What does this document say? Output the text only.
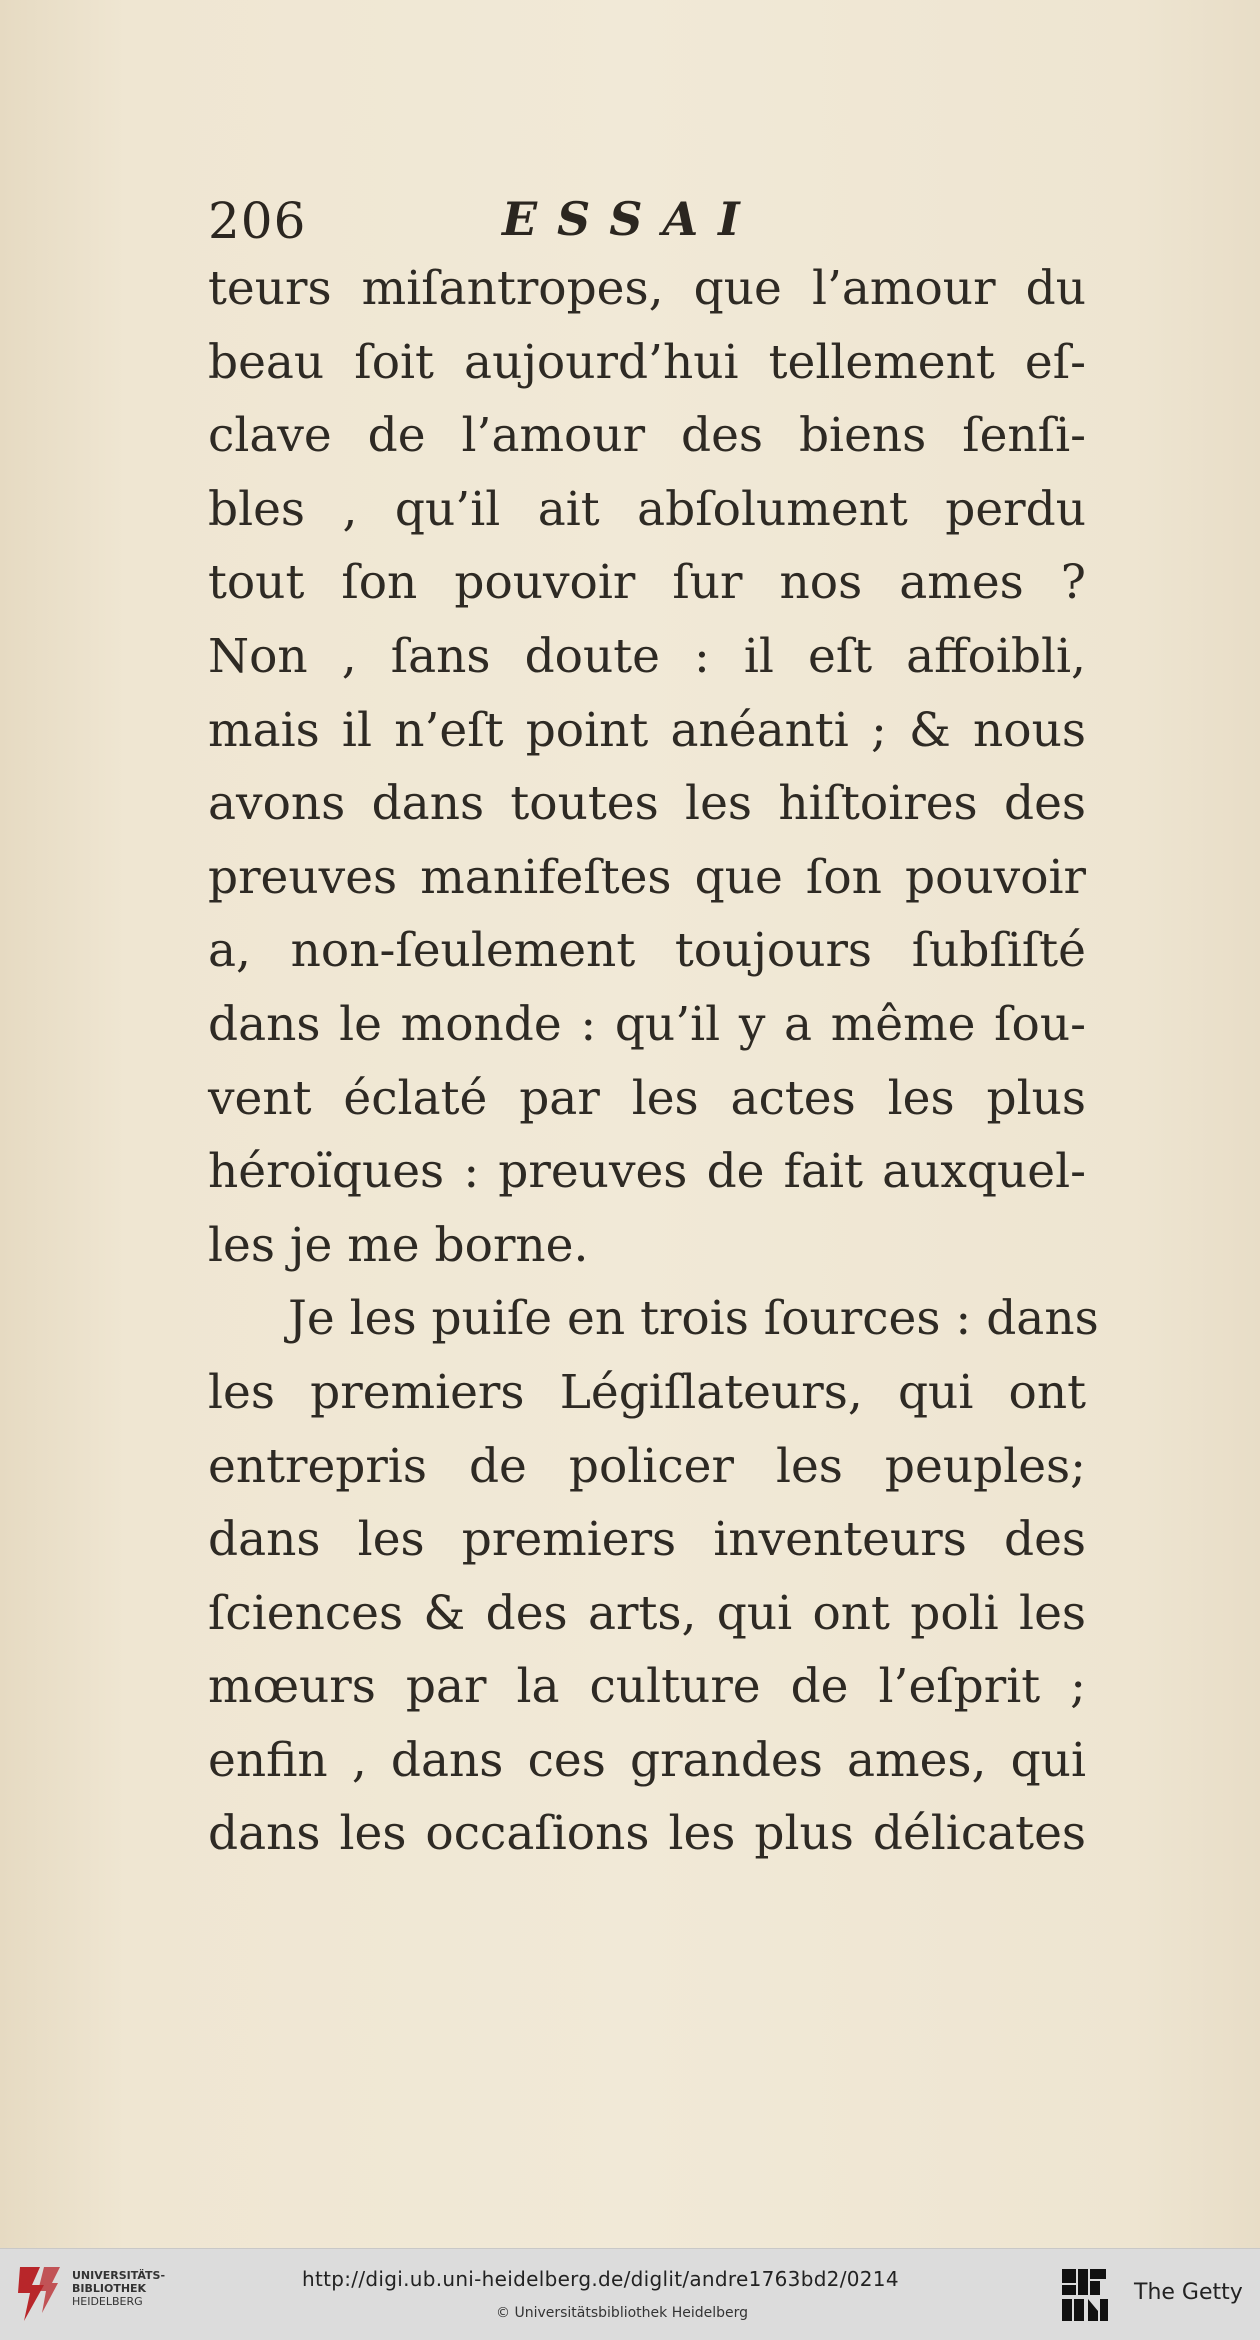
206	ESSAI
teurs miſantropes, que l’amour du
beau ſoit aujourd’hui tellement eſ-
clave de l’amour des biens ſenſi-
bles , qu’il ait abſolument perdu
tout ſon pouvoir ſur nos ames ?
Non , ſans doute : il eſt affoibli,
mais il n’eſt point anéanti ; & nous
avons dans toutes les hiſtoires des
preuves manifeſtes que ſon pouvoir
a, non-ſeulement toujours ſubſiſté
dans le monde : qu’il y a même ſou-
vent éclaté par les actes les plus
héroïques : preuves de fait auxquel-
les je me borne.
Je les puiſe en trois ſources : dans
les premiers Légiſlateurs, qui ont
entrepris de policer les peuples;
dans les premiers inventeurs des
ſciences & des arts, qui ont poli les
mœurs par la culture de l’eſprit ;
enfin , dans ces grandes ames, qui
dans les occaſions les plus délicates
UNIVERSITÄTS-
BIBLIOTHEK
HEIDELBERG
http://digi.ub.uni-heidelberg.de/diglit/andre1763bd2/0214
© Universitätsbibliothek Heidelberg
The Getty
